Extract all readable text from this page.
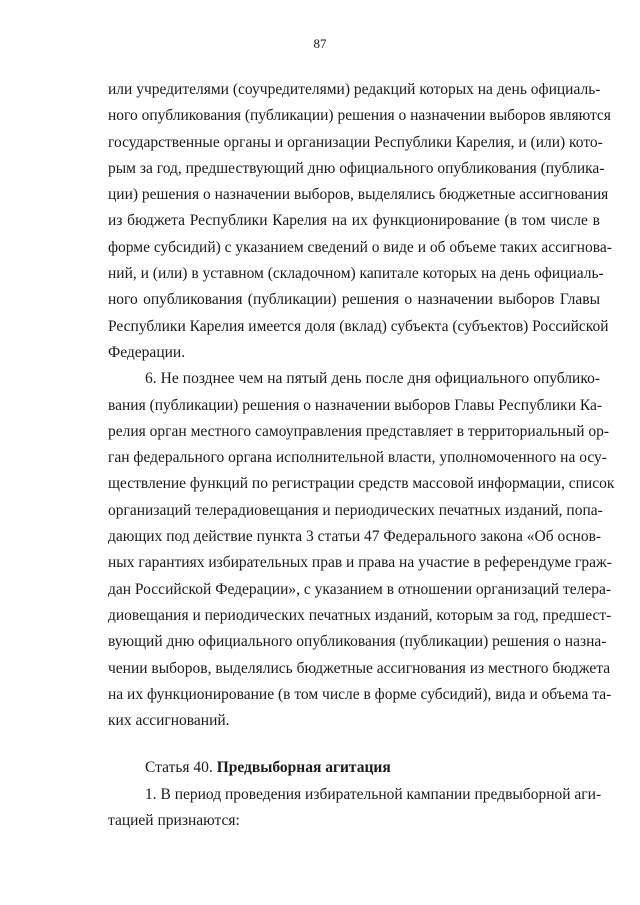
87
или учредителями (соучредителями) редакций которых на день официаль-
ного опубликования (публикации) решения о назначении выборов являются
государственные органы и организации Республики Карелия, и (или) кото-
рым за год, предшествующий дню официального опубликования (публика-
ции) решения о назначении выборов, выделялись бюджетные ассигнования
из бюджета Республики Карелия на их функционирование (в том числе в
форме субсидий) с указанием сведений о виде и об объеме таких ассигнова-
ний, и (или) в уставном (складочном) капитале которых на день официаль-
ного опубликования (публикации) решения о назначении выборов Главы
Республики Карелия имеется доля (вклад) субъекта (субъектов) Российской
Федерации.
6. Не позднее чем на пятый день после дня официального опублико-
вания (публикации) решения о назначении выборов Главы Республики Ка-
релия орган местного самоуправления представляет в территориальный ор-
ган федерального органа исполнительной власти, уполномоченного на осу-
ществление функций по регистрации средств массовой информации, список
организаций телерадиовещания и периодических печатных изданий, попа-
дающих под действие пункта 3 статьи 47 Федерального закона «Об основ-
ных гарантиях избирательных прав и права на участие в референдуме граж-
дан Российской Федерации», с указанием в отношении организаций телера-
диовещания и периодических печатных изданий, которым за год, предшест-
вующий дню официального опубликования (публикации) решения о назна-
чении выборов, выделялись бюджетные ассигнования из местного бюджета
на их функционирование (в том числе в форме субсидий), вида и объема та-
ких ассигнований.
Статья 40. Предвыборная агитация
1. В период проведения избирательной кампании предвыборной аги-
тацией признаются:
